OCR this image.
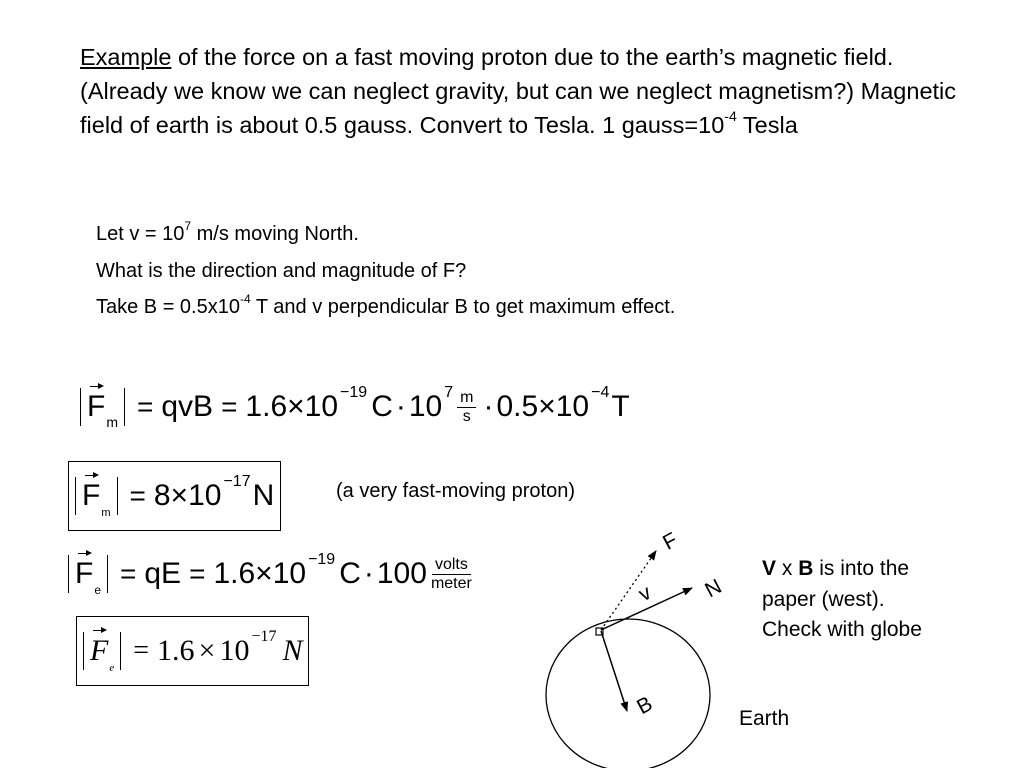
Example of the force on a fast moving proton due to the earth’s magnetic field. (Already we know we can neglect gravity, but can we neglect magnetism?) Magnetic field of earth is about 0.5 gauss. Convert to Tesla. 1 $gauss=10^{-4}$ Tesla
Let $v = 10^7$ m/s moving North.
What is the direction and magnitude of F?
Take $B = 0.5x10^{-4}$ T and v perpendicular B to get maximum effect.
F m = qvB = 1.6 × 10 −19 C · 10 $7 \frac{m}{s} \cdot 0.5 \times 10 -4$ T
F
m
= 8 × 10 −17 N	(a very fast-moving proton)
F e
= qE = 1.6 × 10 −19 $C \cdot 100 \frac{\text{volts}}{\text{meter}}$
F
e
= 1.6 × 10 −17 N
F
v N
B	Earth
V x B is into the
paper (west).
Check with globe
